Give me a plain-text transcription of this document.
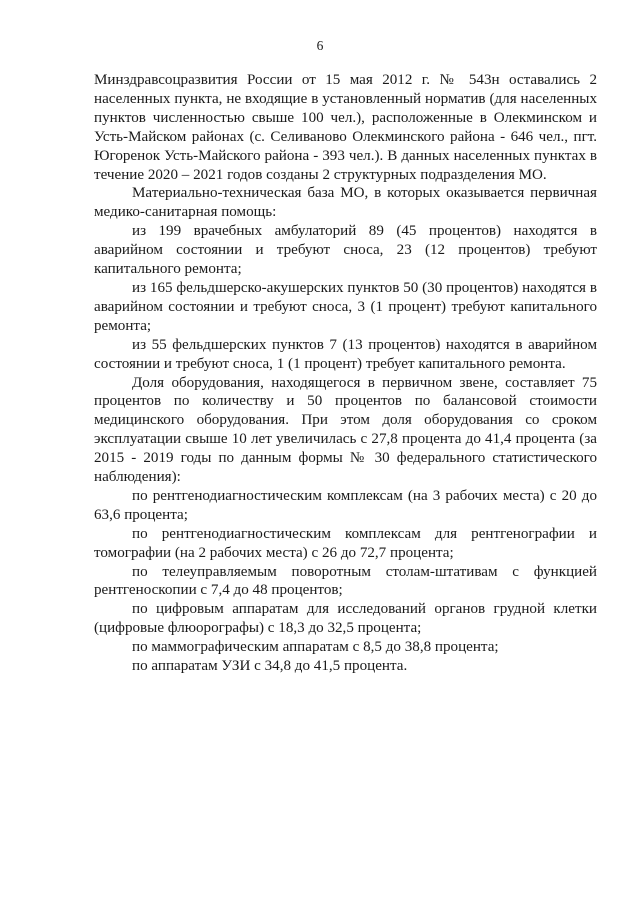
6

Минздравсоцразвития России от 15 мая 2012 г. № 543н оставались 2 населенных пункта, не входящие в установленный норматив (для населенных пунктов численностью свыше 100 чел.), расположенные в Олекминском и Усть-Майском районах (с. Селиваново Олекминского района - 646 чел., пгт. Югоренок Усть-Майского района - 393 чел.). В данных населенных пунктах в течение 2020 – 2021 годов созданы 2 структурных подразделения МО.

Материально-техническая база МО, в которых оказывается первичная медико-санитарная помощь:

из 199 врачебных амбулаторий 89 (45 процентов) находятся в аварийном состоянии и требуют сноса, 23 (12 процентов) требуют капитального ремонта;

из 165 фельдшерско-акушерских пунктов 50 (30 процентов) находятся в аварийном состоянии и требуют сноса, 3 (1 процент) требуют капитального ремонта;

из 55 фельдшерских пунктов 7 (13 процентов) находятся в аварийном состоянии и требуют сноса, 1 (1 процент) требует капитального ремонта.

Доля оборудования, находящегося в первичном звене, составляет 75 процентов по количеству и 50 процентов по балансовой стоимости медицинского оборудования. При этом доля оборудования со сроком эксплуатации свыше 10 лет увеличилась с 27,8 процента до 41,4 процента (за 2015 - 2019 годы по данным формы № 30 федерального статистического наблюдения):

по рентгенодиагностическим комплексам (на 3 рабочих места) с 20 до 63,6 процента;

по рентгенодиагностическим комплексам для рентгенографии и томографии (на 2 рабочих места) с 26 до 72,7 процента;

по телеуправляемым поворотным столам-штативам с функцией рентгеноскопии с 7,4 до 48 процентов;

по цифровым аппаратам для исследований органов грудной клетки (цифровые флюорографы) с 18,3 до 32,5 процента;

по маммографическим аппаратам с 8,5 до 38,8 процента;

по аппаратам УЗИ с 34,8 до 41,5 процента.
